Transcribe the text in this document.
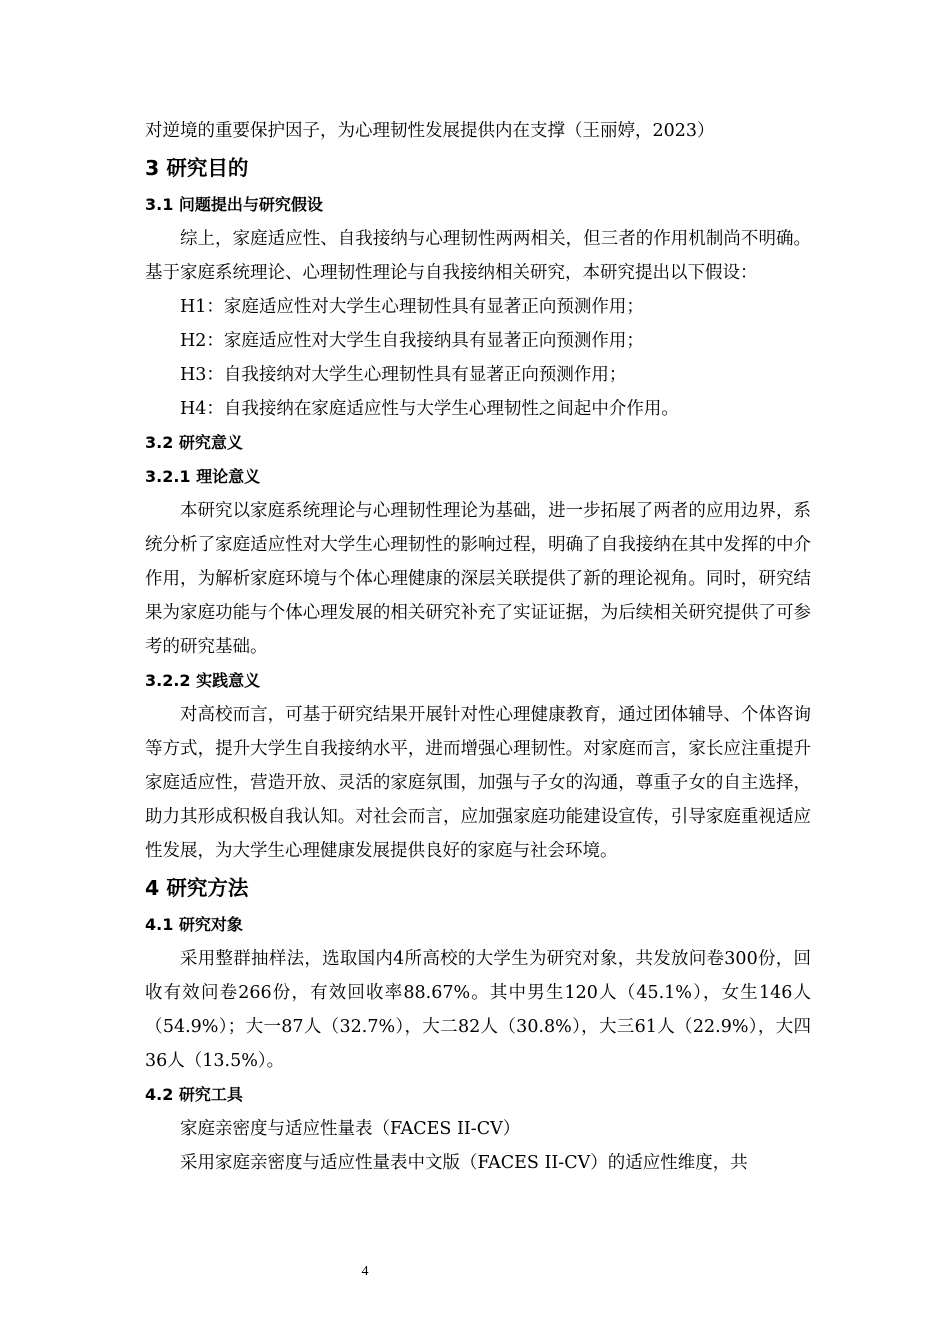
对逆境的重要保护因子，为心理韧性发展提供内在支撑（王丽婷，2023）

3 研究目的
3.1 问题提出与研究假设

综上，家庭适应性、自我接纳与心理韧性两两相关，但三者的作用机制尚不明确。基于家庭系统理论、心理韧性理论与自我接纳相关研究，本研究提出以下假设：

H1：家庭适应性对大学生心理韧性具有显著正向预测作用；

H2：家庭适应性对大学生自我接纳具有显著正向预测作用；

H3：自我接纳对大学生心理韧性具有显著正向预测作用；

H4：自我接纳在家庭适应性与大学生心理韧性之间起中介作用。

3.2 研究意义
3.2.1 理论意义

本研究以家庭系统理论与心理韧性理论为基础，进一步拓展了两者的应用边界，系统分析了家庭适应性对大学生心理韧性的影响过程，明确了自我接纳在其中发挥的中介作用，为解析家庭环境与个体心理健康的深层关联提供了新的理论视角。同时，研究结果为家庭功能与个体心理发展的相关研究补充了实证证据，为后续相关研究提供了可参考的研究基础。

3.2.2 实践意义

对高校而言，可基于研究结果开展针对性心理健康教育，通过团体辅导、个体咨询等方式，提升大学生自我接纳水平，进而增强心理韧性。对家庭而言，家长应注重提升家庭适应性，营造开放、灵活的家庭氛围，加强与子女的沟通，尊重子女的自主选择，助力其形成积极自我认知。对社会而言，应加强家庭功能建设宣传，引导家庭重视适应性发展，为大学生心理健康发展提供良好的家庭与社会环境。

4 研究方法
4.1 研究对象

采用整群抽样法，选取国内4所高校的大学生为研究对象，共发放问卷300份，回收有效问卷266份，有效回收率88.67%。其中男生120人（45.1%），女生146人（54.9%）；大一87人（32.7%），大二82人（30.8%），大三61人（22.9%），大四36人（13.5%）。

4.2 研究工具

家庭亲密度与适应性量表（FACES II-CV）

采用家庭亲密度与适应性量表中文版（FACES II-CV）的适应性维度，共

4
